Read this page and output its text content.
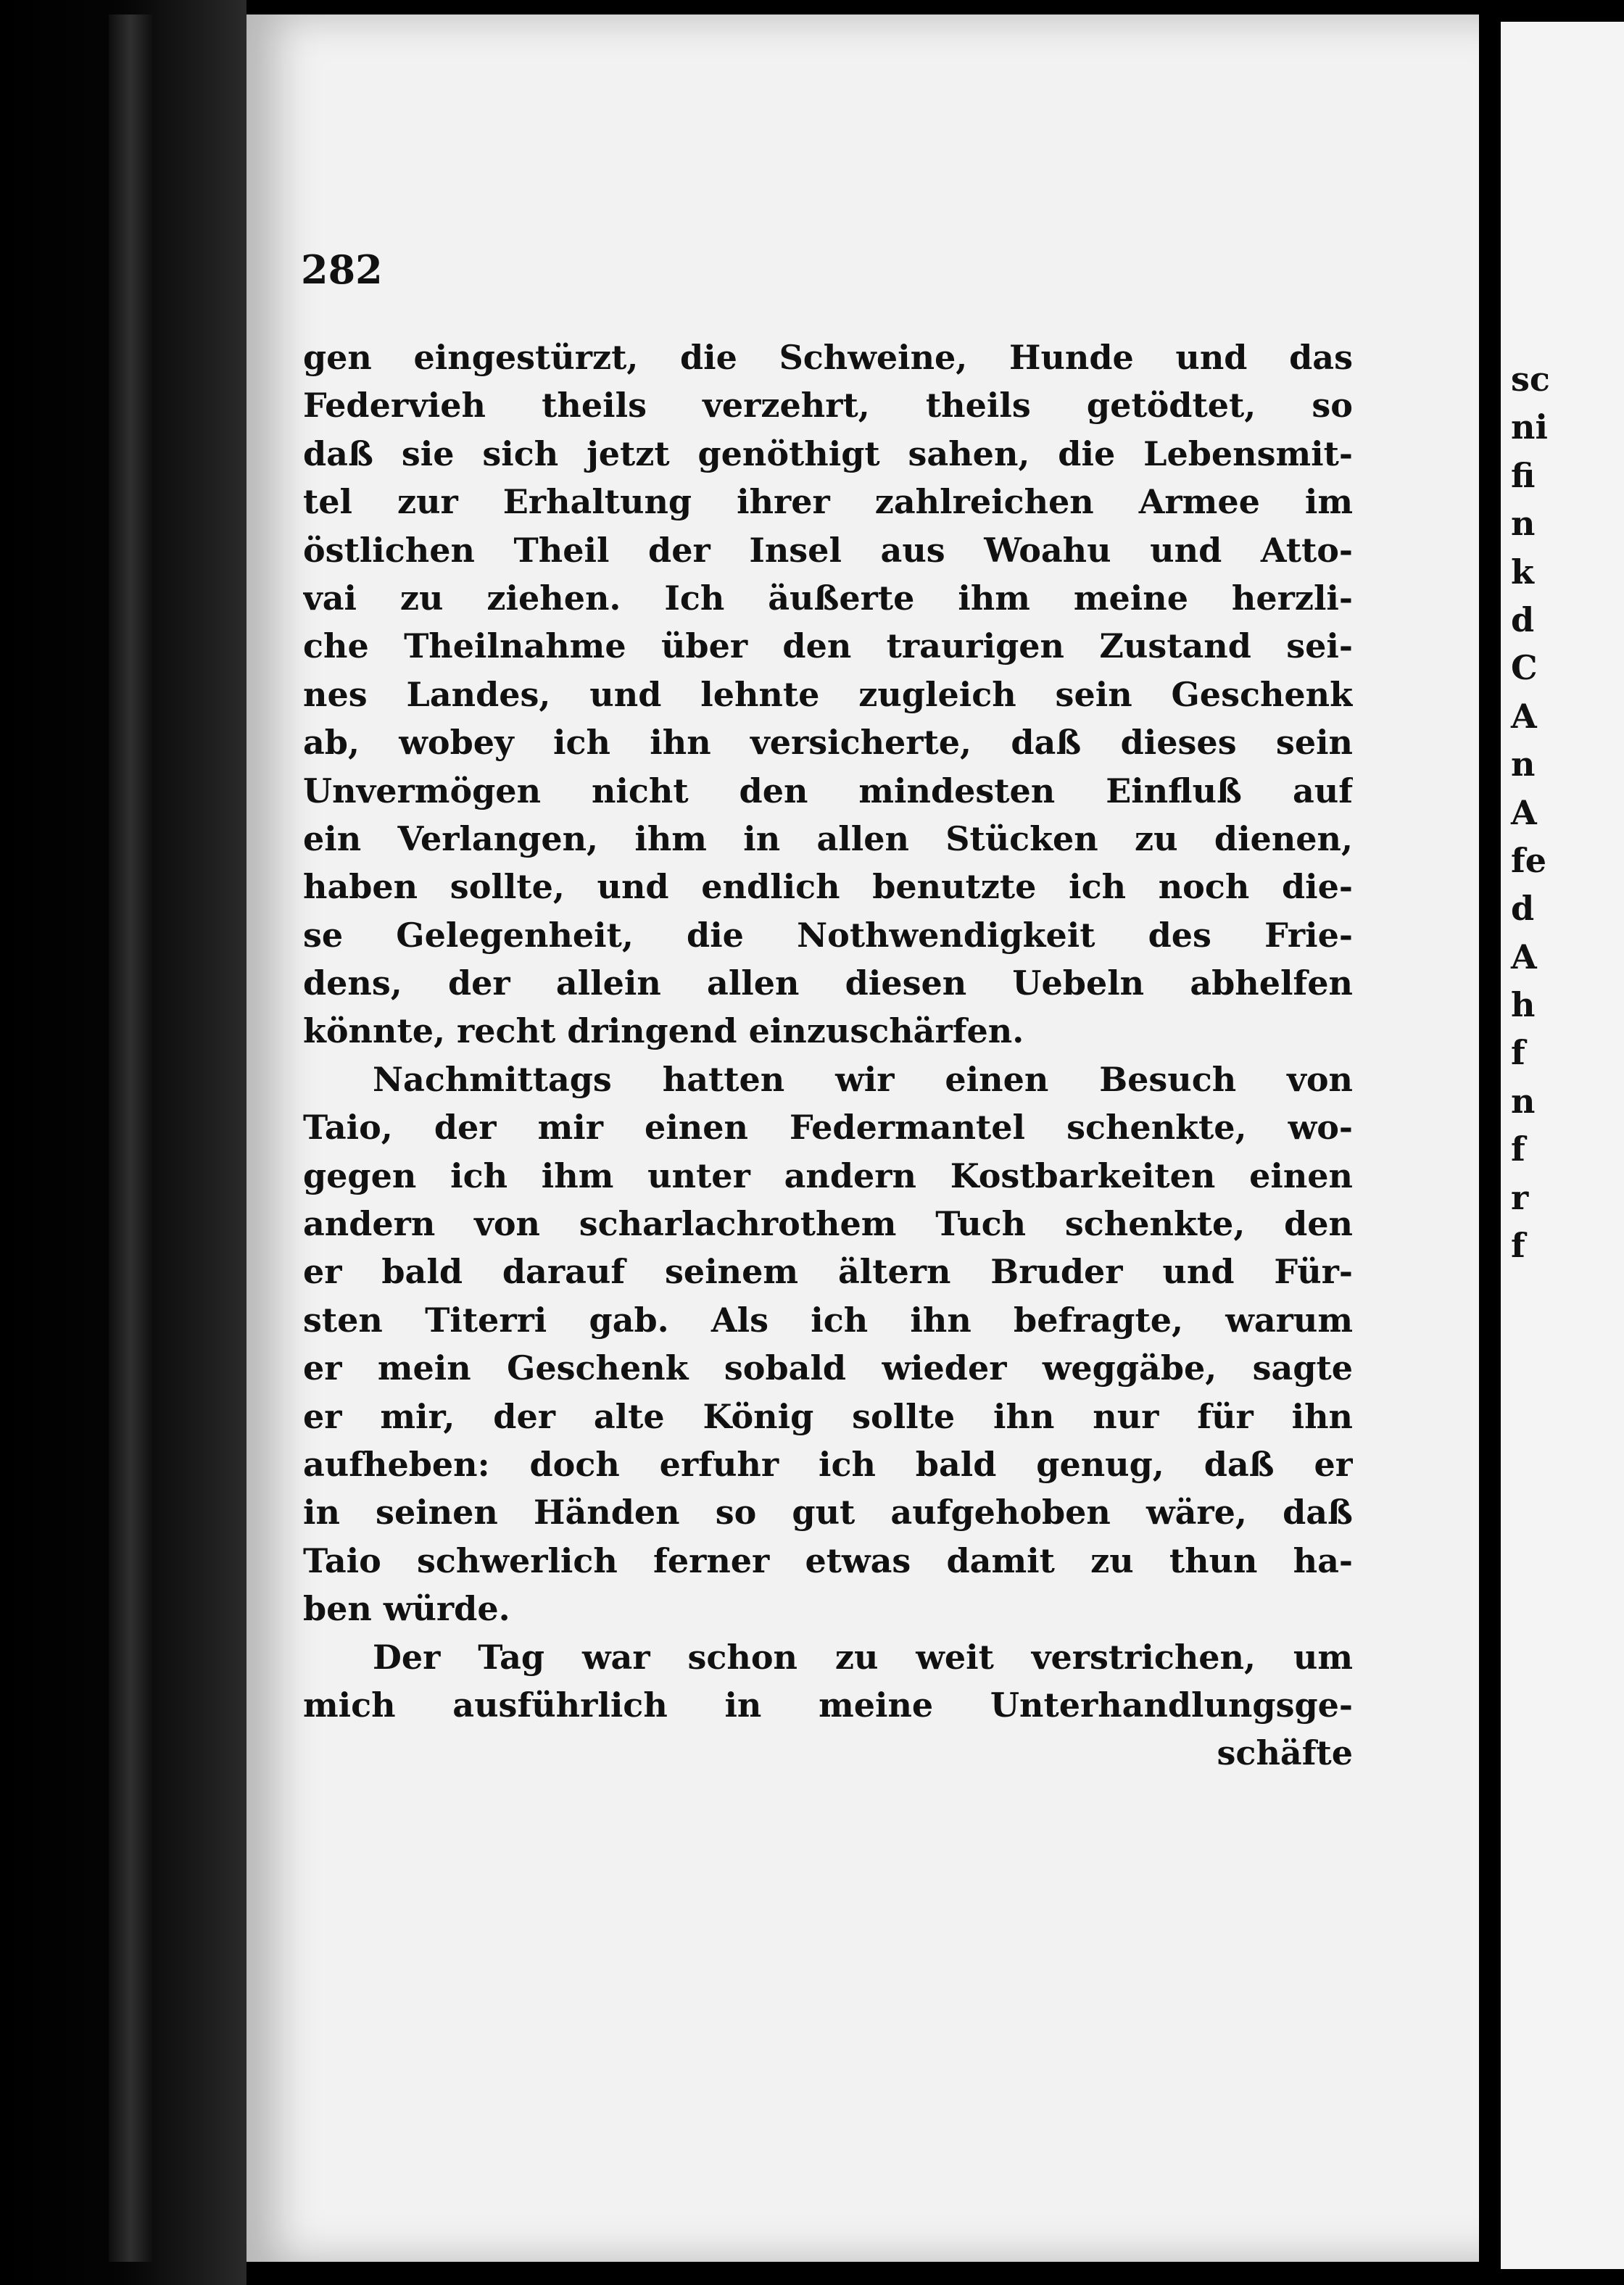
sc
ni
fi
n
k
d
C
A
n
A
fe
d
A
h
f
n
f
r
f
282
gen eingestürzt, die Schweine, Hunde und das
Federvieh theils verzehrt, theils getödtet, so
daß sie sich jetzt genöthigt sahen, die Lebensmit-
tel zur Erhaltung ihrer zahlreichen Armee im
östlichen Theil der Insel aus Woahu und Atto-
vai zu ziehen. Ich äußerte ihm meine herzli-
che Theilnahme über den traurigen Zustand sei-
nes Landes, und lehnte zugleich sein Geschenk
ab, wobey ich ihn versicherte, daß dieses sein
Unvermögen nicht den mindesten Einfluß auf
ein Verlangen, ihm in allen Stücken zu dienen,
haben sollte, und endlich benutzte ich noch die-
se Gelegenheit, die Nothwendigkeit des Frie-
dens, der allein allen diesen Uebeln abhelfen
könnte, recht dringend einzuschärfen.
Nachmittags hatten wir einen Besuch von
Taio, der mir einen Federmantel schenkte, wo-
gegen ich ihm unter andern Kostbarkeiten einen
andern von scharlachrothem Tuch schenkte, den
er bald darauf seinem ältern Bruder und Für-
sten Titerri gab. Als ich ihn befragte, warum
er mein Geschenk sobald wieder weggäbe, sagte
er mir, der alte König sollte ihn nur für ihn
aufheben: doch erfuhr ich bald genug, daß er
in seinen Händen so gut aufgehoben wäre, daß
Taio schwerlich ferner etwas damit zu thun ha-
ben würde.
Der Tag war schon zu weit verstrichen, um
mich ausführlich in meine Unterhandlungsge-
schäfte
